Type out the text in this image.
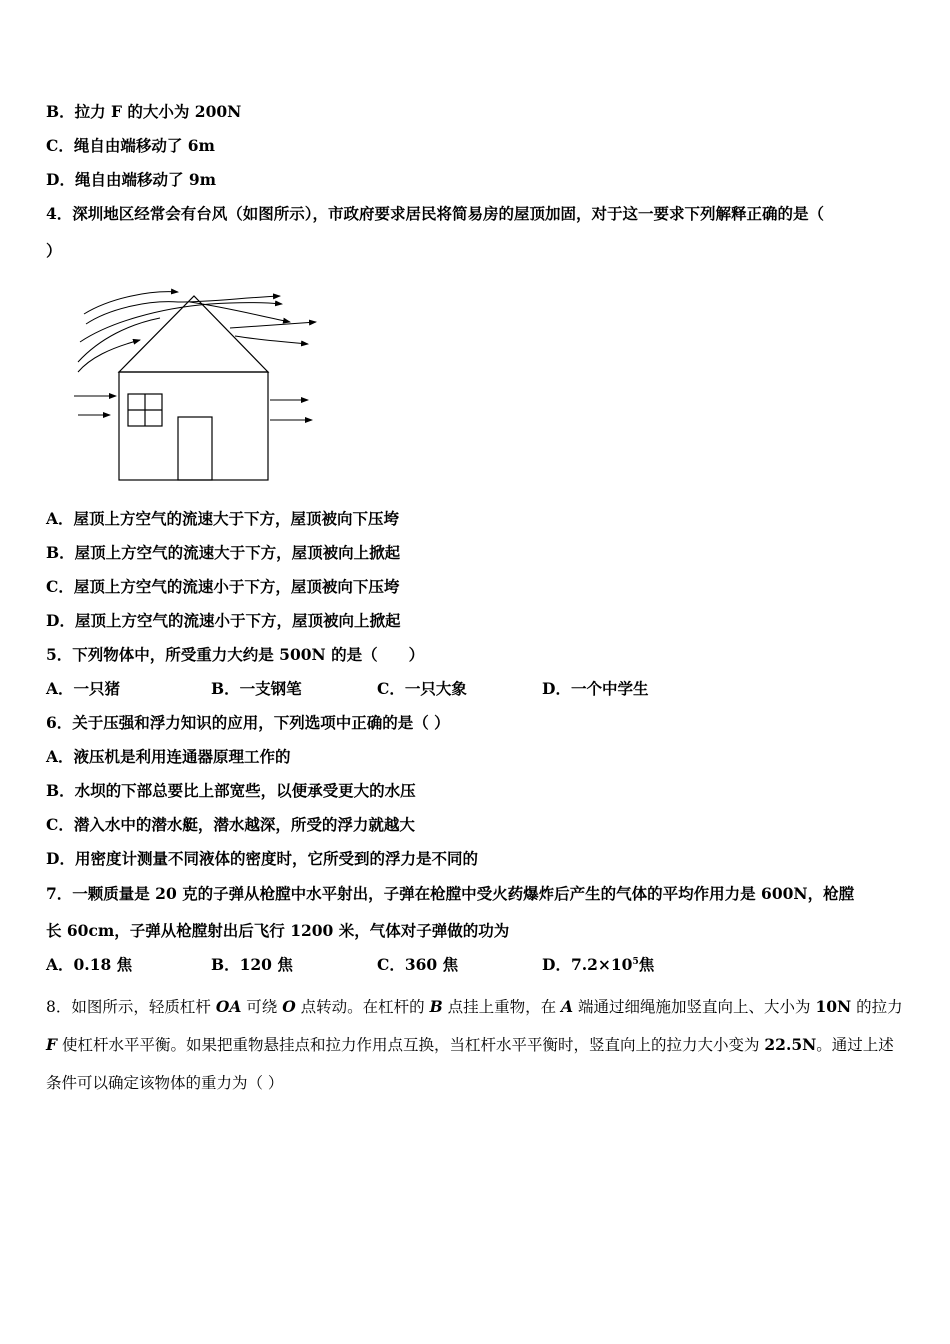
B．拉力 F 的大小为 200N
C．绳自由端移动了 6m
D．绳自由端移动了 9m
4．深圳地区经常会有台风（如图所示），市政府要求居民将简易房的屋顶加固，对于这一要求下列解释正确的是（
）
A．屋顶上方空气的流速大于下方，屋顶被向下压垮
B．屋顶上方空气的流速大于下方，屋顶被向上掀起
C．屋顶上方空气的流速小于下方，屋顶被向下压垮
D．屋顶上方空气的流速小于下方，屋顶被向上掀起
5．下列物体中，所受重力大约是 500N 的是（　　）
A．一只猪	B．一支钢笔	C．一只大象	D．一个中学生
6．关于压强和浮力知识的应用，下列选项中正确的是（ ）
A．液压机是利用连通器原理工作的
B．水坝的下部总要比上部宽些，以便承受更大的水压
C．潜入水中的潜水艇，潜水越深，所受的浮力就越大
D．用密度计测量不同液体的密度时，它所受到的浮力是不同的
7．一颗质量是 20 克的子弹从枪膛中水平射出，子弹在枪膛中受火药爆炸后产生的气体的平均作用力是 600N，枪膛
长 60cm，子弹从枪膛射出后飞行 1200 米，气体对子弹做的功为
A．0.18 焦	B．120 焦	C．360 焦	D．$7.2\times 10^5$焦
8．如图所示，轻质杠杆 OA 可绕 O 点转动。在杠杆的 B 点挂上重物，在 A 端通过细绳施加竖直向上、大小为 10N 的拉力 F 使杠杆水平平衡。如果把重物悬挂点和拉力作用点互换，当杠杆水平平衡时，竖直向上的拉力大小变为 22.5N。通过上述条件可以确定该物体的重力为（ ）
